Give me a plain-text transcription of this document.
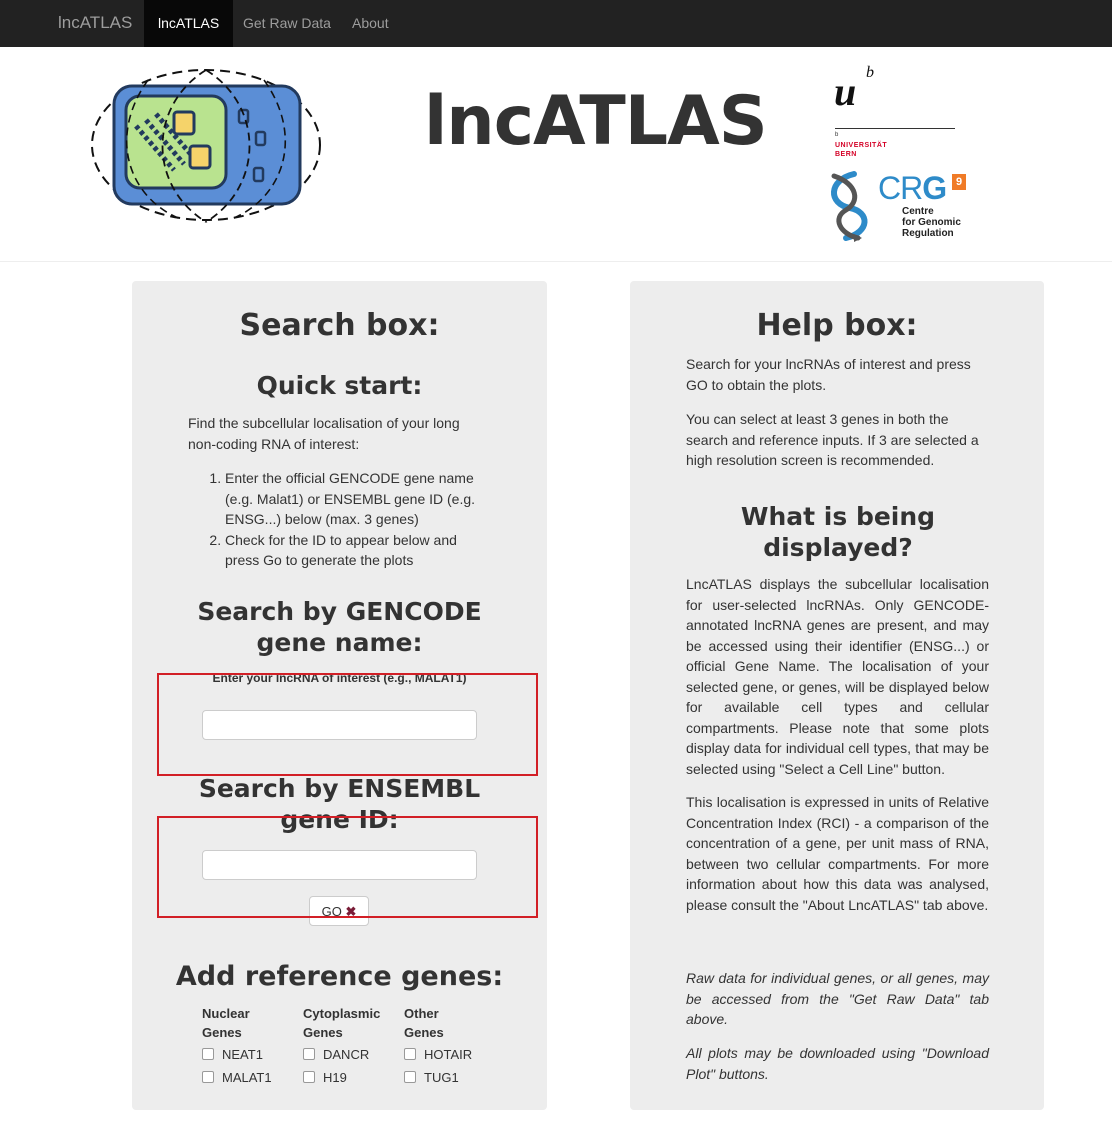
lncATLAS	lncATLAS	Get Raw Data About
lncATLAS u b
b
UNIVERSITÄT
BERN
CRG 9
Centre
for Genomic
Regulation
Search box:
Quick start:
Find the subcellular localisation of your long non-coding RNA of interest:
1. Enter the official GENCODE gene name (e.g. Malat1) or ENSEMBL gene ID (e.g. ENSG...) below (max. 3 genes)
2. Check for the ID to appear below and press Go to generate the plots
Search by GENCODE gene name:
Enter your lncRNA of interest (e.g., MALAT1)
Search by ENSEMBL gene ID:
GO ✖
Add reference genes:
Nuclear
Genes
Cytoplasmic
Genes
Other
Genes
NEAT1
MALAT1
DANCR
H19
HOTAIR
TUG1
Help box:
Search for your lncRNAs of interest and press GO to obtain the plots.
You can select at least 3 genes in both the search and reference inputs. If 3 are selected a high resolution screen is recommended.
What is being displayed?
LncATLAS displays the subcellular localisation for user-selected lncRNAs. Only GENCODE-annotated lncRNA genes are present, and may be accessed using their identifier (ENSG...) or official Gene Name. The localisation of your selected gene, or genes, will be displayed below for available cell types and cellular compartments. Please note that some plots display data for individual cell types, that may be selected using "Select a Cell Line" button.
This localisation is expressed in units of Relative Concentration Index (RCI) - a comparison of the concentration of a gene, per unit mass of RNA, between two cellular compartments. For more information about how this data was analysed, please consult the "About LncATLAS" tab above.
Raw data for individual genes, or all genes, may be accessed from the "Get Raw Data" tab above.
All plots may be downloaded using "Download Plot" buttons.
